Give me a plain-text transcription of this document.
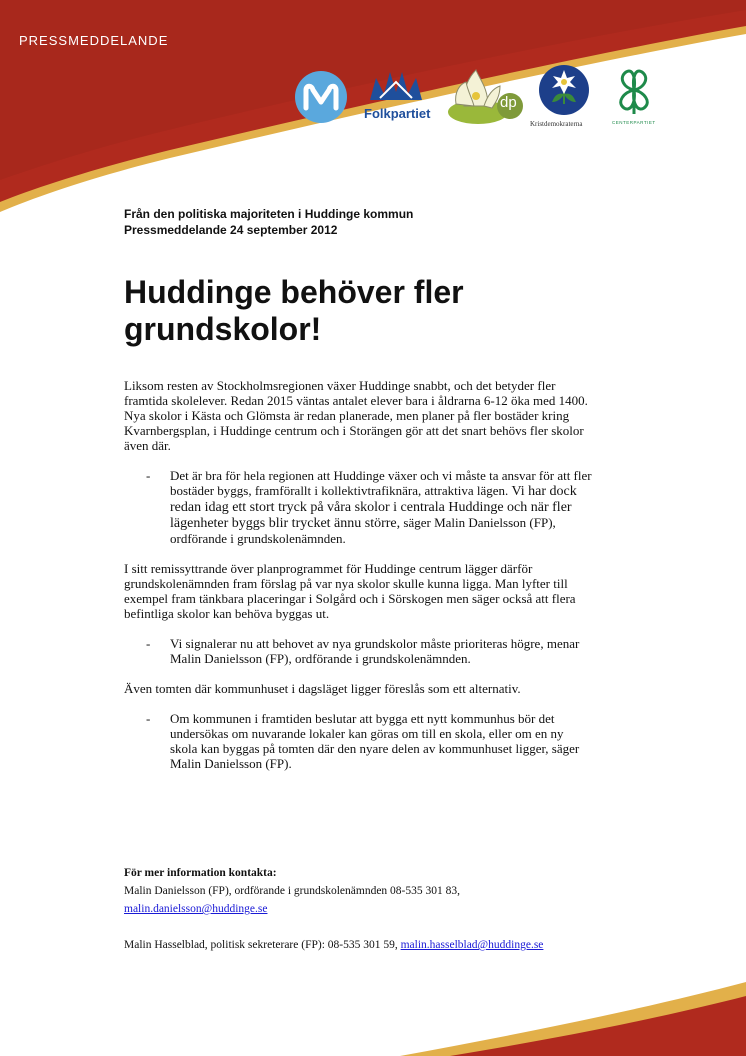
PRESSMEDDELANDE
Folkpartiet
dp
Kristdemokraterna	CENTERPARTIET
Från den politiska majoriteten i Huddinge kommun
Pressmeddelande 24 september 2012
Huddinge behöver fler
grundskolor!

Liksom resten av Stockholmsregionen växer Huddinge snabbt, och det betyder fler framtida skolelever. Redan 2015 väntas antalet elever bara i åldrarna 6-12 öka med 1400.

Nya skolor i Kästa och Glömsta är redan planerade, men planer på fler bostäder kring Kvarnbergsplan, i Huddinge centrum och i Storängen gör att det snart behövs fler skolor även där.

- Det är bra för hela regionen att Huddinge växer och vi måste ta ansvar för att fler bostäder byggs, framförallt i kollektivtrafiknära, attraktiva lägen. Vi har dock redan idag ett stort tryck på våra skolor i centrala Huddinge och när fler lägenheter byggs blir trycket ännu större, säger Malin Danielsson (FP), ordförande i grundskolenämnden.

I sitt remissyttrande över planprogrammet för Huddinge centrum lägger därför grundskolenämnden fram förslag på var nya skolor skulle kunna ligga. Man lyfter till exempel fram tänkbara placeringar i Solgård och i Sörskogen men säger också att flera befintliga skolor kan behöva byggas ut.

- Vi signalerar nu att behovet av nya grundskolor måste prioriteras högre, menar Malin Danielsson (FP), ordförande i grundskolenämnden.

Även tomten där kommunhuset i dagsläget ligger föreslås som ett alternativ.

- Om kommunen i framtiden beslutar att bygga ett nytt kommunhus bör det undersökas om nuvarande lokaler kan göras om till en skola, eller om en ny skola kan byggas på tomten där den nyare delen av kommunhuset ligger, säger Malin Danielsson (FP).
För mer information kontakta:
Malin Danielsson (FP), ordförande i grundskolenämnden 08-535 301 83,
malin.danielsson@huddinge.se
Malin Hasselblad, politisk sekreterare (FP): 08-535 301 59, malin.hasselblad@huddinge.se
